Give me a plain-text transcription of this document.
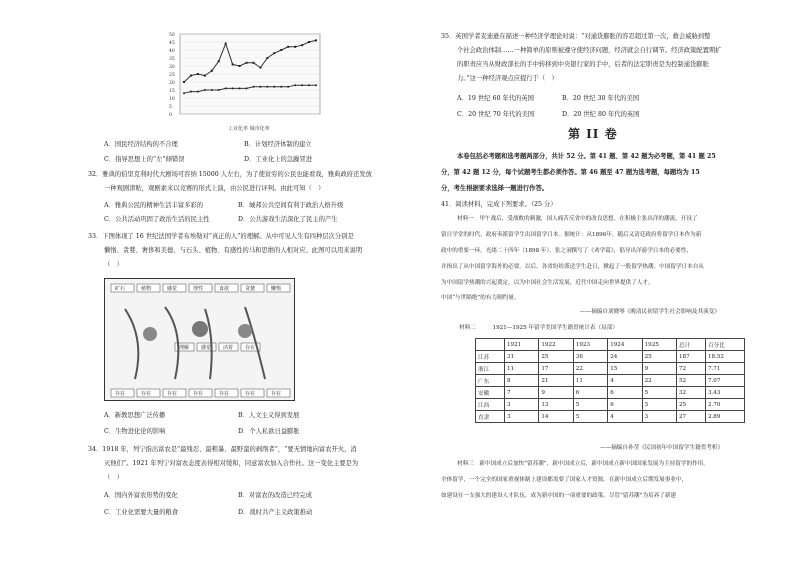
50
45
40
35
30
25
20
15
10
5
0
工业化率 城市化率
A．国民经济结构的不合理	B．计划经济体制的建立
C．指导思想上的“左”倾错误	D．工业化上的急躁冒进
32．雅典的伯里克利时代大剧场可容纳 15000 人左右，为了使贫穷的公民也能看戏，雅典政府还发放
一种观剧津贴，观剧素来以竞赛的形式上演，由公民进行评判。由此可知（　）
A．雅典公民的精神生活丰富多彩的	B．城邦公共空间有利于政治人格升级
C．公共活动巩固了政治生活的民主性	D．公共游戏生活深化了民主的产生
33．下图体现了 16 世纪法国学者布埃勒对“真正的人”的理解。从中可见人生有四种层次分别是
懒惰、贪婪、奢侈和美德，与石头、植物、有感性的马和思维的人相对应。此图可以用来说明
（　）
矿石	植物	感觉	理性	食欲	贪婪	懒惰
理解 感觉 活着 存在
存在	存在	存在	存在	存在	存在	存在
A．新教思想广泛传播	B．人文主义得到发展
C．生物进化论的影响	D．个人私欲日益膨胀
34．1918 年，列宁指出富农是“最残忍、最粗暴、最野蛮的剥削者”，“要无情地向富农开火，消
灭他们”。1921 年列宁对富农态度表得相对缓和，同意富农加入合作社。这一变化主要是为
（　）
A．国内外富农形势的变化	B．对富农的改造已经完成
C．工业化需要大量的粮食	D．战时共产主义政策推动
35．英国学者麦迪逊在描述一种经济学理论时说：“对通货膨胀的容忍超过第一次，救会威胁到整
个社会政治体制……一种简单的原则被遵守使经济问题，经济就会自行调节。经济政策配置期扩
的职责应当从财政部长的手中转移到中央银行家的手中，后者的法定职责是为控制通货膨胀
力。”这一种经济观点应提行于（　）
A．19 世纪 60 年代的英国	B．20 世纪 30 年代的美国
C．20 世纪 70 年代的美国	D．20 世纪 80 年代的英国
第 II 卷
本卷包括必考题和选考题两部分，共计 52 分。第 41 题、第 42 题为必考题，第 41 题 25
分，第 42 题 12 分，每个试题考生都必须作答。第 46 题至 47 题为选考题，每题均为 15
分，考生根据要求选择一题进行作答。
41．阅读材料，完成下列要求。（25 分）
材料一　甲午战后，受战败的刺激，国人痛苦反省中的改良思想。在积极主张出洋的潮流，开设了
留日学堂的时代，政府奏派留学生出国留学日本。据统计：从1896年。随后又清廷政府将留学日本作为新
政中的重要一环。光绪二十四年（1898 年），张之洞撰写了《劝学篇》，倡导出洋游学日本的必要性，
并指出了从中国留学海外的必要。以后，各省纷纷派送学生赴日，掀起了一股留学热潮。中国留学日本自从
为中国留学热潮的兴起奠定，以为中国社会生活发展，近代中国走向世界提供了人才。
中国“与世隔绝”的有力制约量。
——摘编自刘晓琴《晚清民初留学生社会影响及其演变》
材料二　　　1921—1925 年留学美国学生籍贯统计表（局部）
	1921	1922	1923	1924	1925	总计	百分比
江苏	31	25	36	24	25	187	18.52
浙江	11	17	22	15	9	72	7.71
广东	8	21	11	4	22	52	7.07
安徽	7	9	6	6	5	32	3.43
江西	3	13	5	6	5	25	2.70
直隶	3	14	5	4	3	27	2.89
——摘编自孙莹《民国初年中国留学生籍贯考析》
材料三　新中国成立后加快“留苏潮”，新中国成立后，新中国成立新中国国家发展为主持留学的作用。
全体留学，一个完全的国家重视体制上建设都需要了国家人才资源。在新中国成立后期发展事业中，
如建设在一支强大的建设人才队伍，成为新中国的一项重要的政策。尽管“留苏潮”为培养了新建
